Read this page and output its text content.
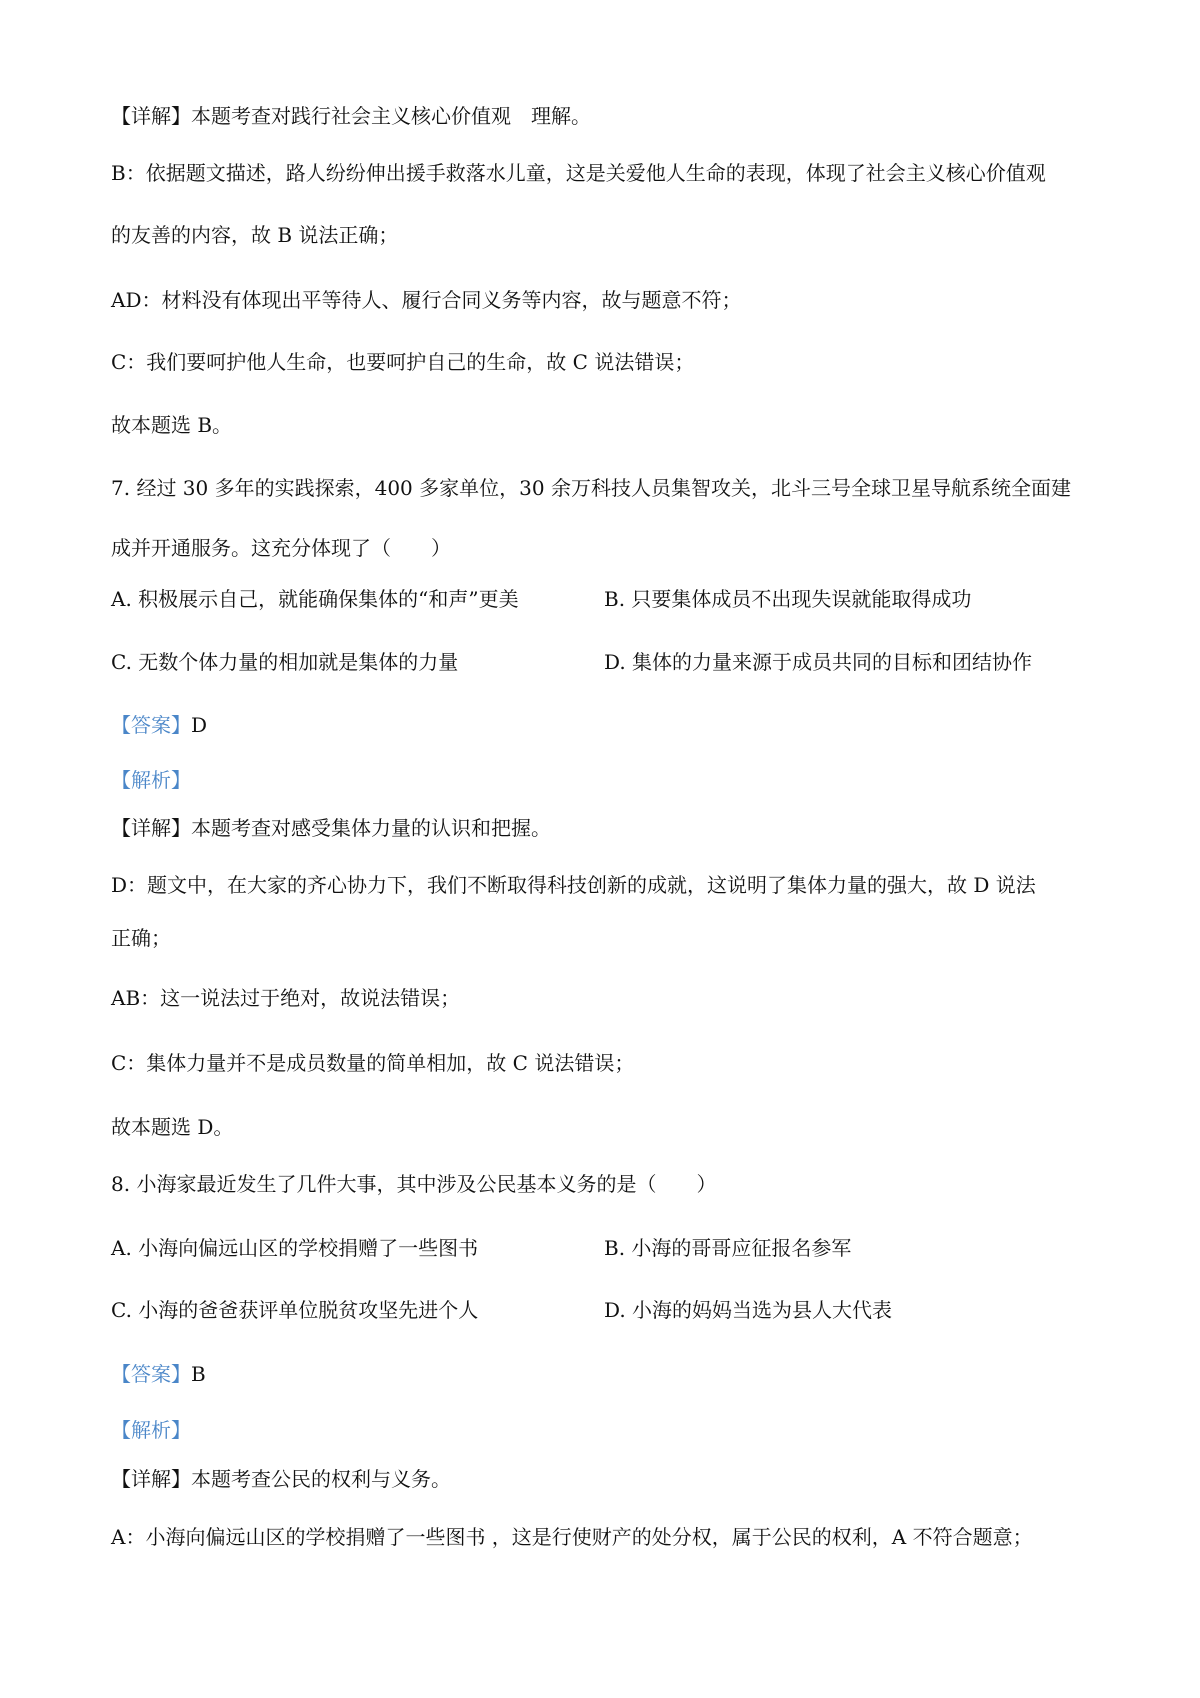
【详解】本题考查对践行社会主义核心价值观　理解。
B：依据题文描述，路人纷纷伸出援手救落水儿童，这是关爱他人生命的表现，体现了社会主义核心价值观
的友善的内容，故 B 说法正确；
AD：材料没有体现出平等待人、履行合同义务等内容，故与题意不符；
C：我们要呵护他人生命，也要呵护自己的生命，故 C 说法错误；
故本题选 B。
7. 经过 30 多年的实践探索，400 多家单位，30 余万科技人员集智攻关，北斗三号全球卫星导航系统全面建
成并开通服务。这充分体现了（　　）
A. 积极展示自己，就能确保集体的“和声”更美	B. 只要集体成员不出现失误就能取得成功
C. 无数个体力量的相加就是集体的力量	D. 集体的力量来源于成员共同的目标和团结协作
【答案】D
【解析】
【详解】本题考查对感受集体力量的认识和把握。
D：题文中，在大家的齐心协力下，我们不断取得科技创新的成就，这说明了集体力量的强大，故 D 说法
正确；
AB：这一说法过于绝对，故说法错误；
C：集体力量并不是成员数量的简单相加，故 C 说法错误；
故本题选 D。
8. 小海家最近发生了几件大事，其中涉及公民基本义务的是（　　）
A. 小海向偏远山区的学校捐赠了一些图书	B. 小海的哥哥应征报名参军
C. 小海的爸爸获评单位脱贫攻坚先进个人	D. 小海的妈妈当选为县人大代表
【答案】B
【解析】
【详解】本题考查公民的权利与义务。
A：小海向偏远山区的学校捐赠了一些图书 ，这是行使财产的处分权，属于公民的权利，A 不符合题意；
